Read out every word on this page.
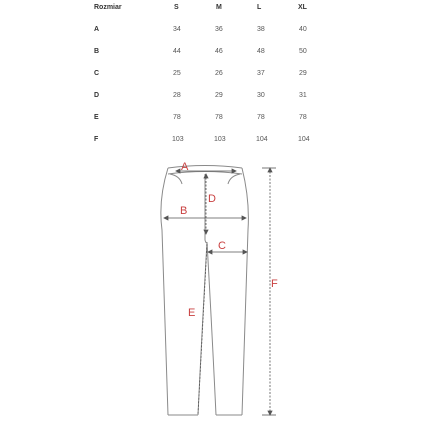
Rozmiar	S	M	L	XL
A	34	36	38	40
B	44	46	48	50
C	25	26	37	29
D	28	29	30	31
E	78	78	78	78
F	103	103	104	104
A
B
C
D
E
F
